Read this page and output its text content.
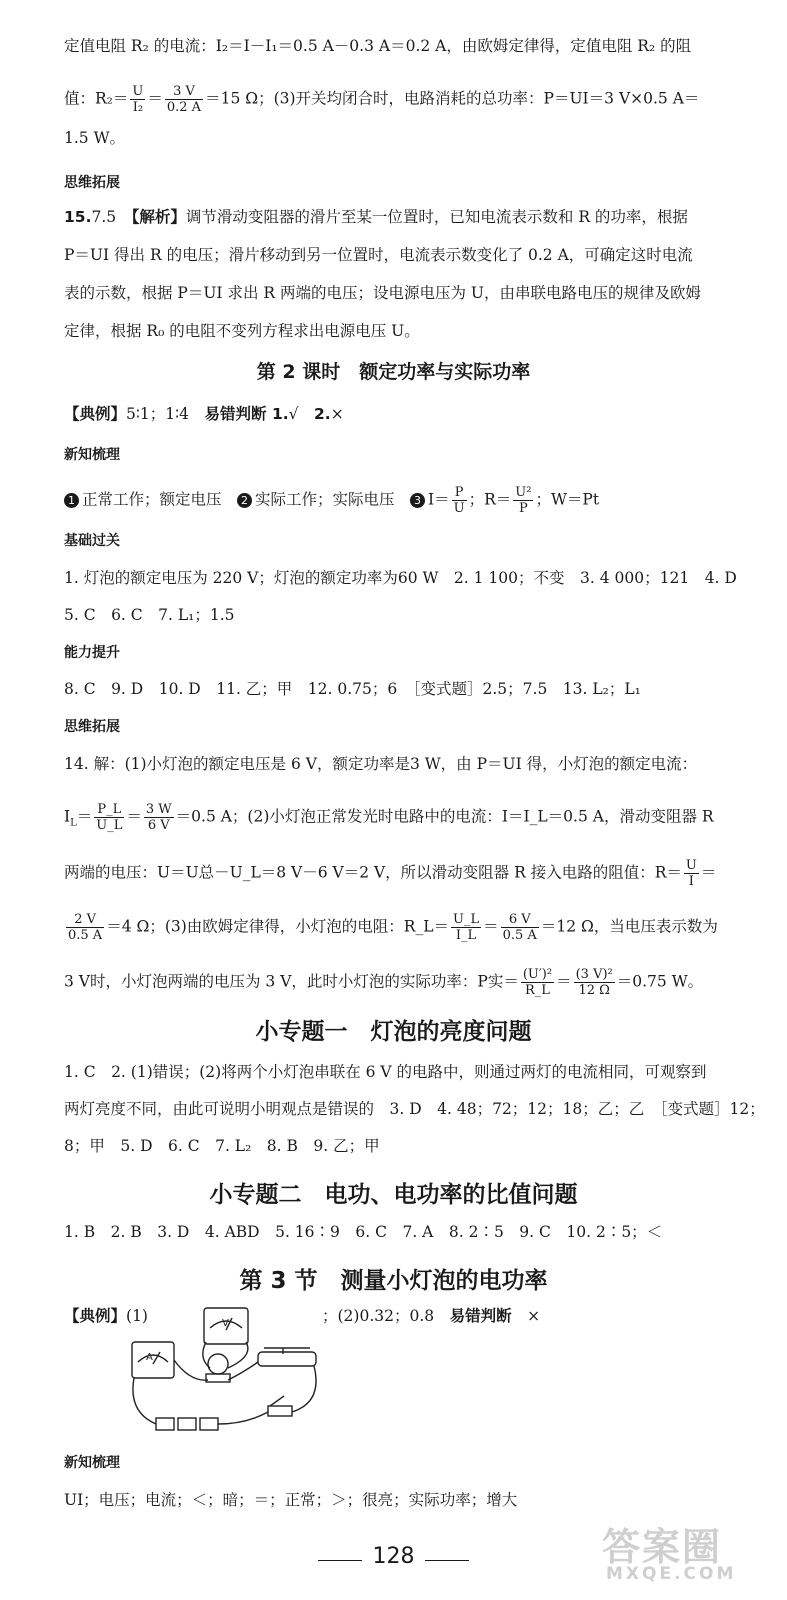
定值电阻 R₂ 的电流：I₂＝I－I₁＝0.5 A－0.3 A＝0.2 A，由欧姆定律得，定值电阻 R₂ 的阻
值：$R_2= \frac{U}{\text{I₂}} = \frac{3 V}{0.2 A} =15$ Ω；(3)开关均闭合时，电路消耗的总功率：P＝UI＝3 V×0.5 A＝
1.5 W。
思维拓展
15.7.5　【解析】调节滑动变阻器的滑片至某一位置时，已知电流表示数和 R 的功率，根据
P＝UI 得出 R 的电压；滑片移动到另一位置时，电流表示数变化了 0.2 A，可确定这时电流
表的示数，根据 P＝UI 求出 R 两端的电压；设电源电压为 U，由串联电路电压的规律及欧姆
定律，根据 R₀ 的电阻不变列方程求出电源电压 U。
第 2 课时　额定功率与实际功率
【典例】5∶1；1∶4　易错判断 1.√　2.×
新知梳理
1 正常工作；额定电压　2 实际工作；实际电压　3 $I= \frac{P}{U}$ ；$R= \frac{\text{U²}}{P}$ ；W＝Pt
基础过关
1. 灯泡的额定电压为 220 V；灯泡的额定功率为60 W　2. 1 100；不变　3. 4 000；121　4. D
5. C　6. C　7. L₁；1.5
能力提升
8. C　9. D　10. D　11. 乙；甲　12. 0.75；6　［变式题］2.5；7.5　13. L₂；L₁
思维拓展
14. 解：(1)小灯泡的额定电压是 6 V，额定功率是3 W，由 P＝UI 得，小灯泡的额定电流：
$I_L= \frac{P\_L}{U\_L} = \frac{3 W}{6 V} =0.5$ A；(2)小灯泡正常发光时电路中的电流：I＝I_L＝0.5 A，滑动变阻器 R
两端的电压：U＝U总－U_L＝8 V－6 V＝2 V，所以滑动变阻器 R 接入电路的阻值：$R= \frac{U}{I}$ ＝
$\frac{2 V}{0.5 A} =4$ Ω；(3)由欧姆定律得，小灯泡的电阻：R_L＝ $\frac{U\_L}{I\_L} = \frac{6 V}{0.5 A} =12$ Ω，当电压表示数为
3 V时，小灯泡两端的电压为 3 V，此时小灯泡的实际功率：P实＝ $\frac{\text{(U′)²}}{R\_L} = \frac{\text{(3 V)²}}{12 \Omega} =0.75$ W。
小专题一　灯泡的亮度问题
1. C　2. (1)错误；(2)将两个小灯泡串联在 6 V 的电路中，则通过两灯的电流相同，可观察到
两灯亮度不同，由此可说明小明观点是错误的　3. D　4. 48；72；12；18；乙；乙　［变式题］12；
8；甲　5. D　6. C　7. L₂　8. B　9. 乙；甲
小专题二　电功、电功率的比值问题
1. B　2. B　3. D　4. ABD　5. 16∶9　6. C　7. A　8. 2∶5　9. C　10. 2∶5；＜
第 3 节　测量小灯泡的电功率
【典例】(1)	；(2)0.32；0.8　易错判断　×
A
V
新知梳理
UI；电压；电流；＜；暗；＝；正常；＞；很亮；实际功率；增大
128	答案圈
MXQE.COM
